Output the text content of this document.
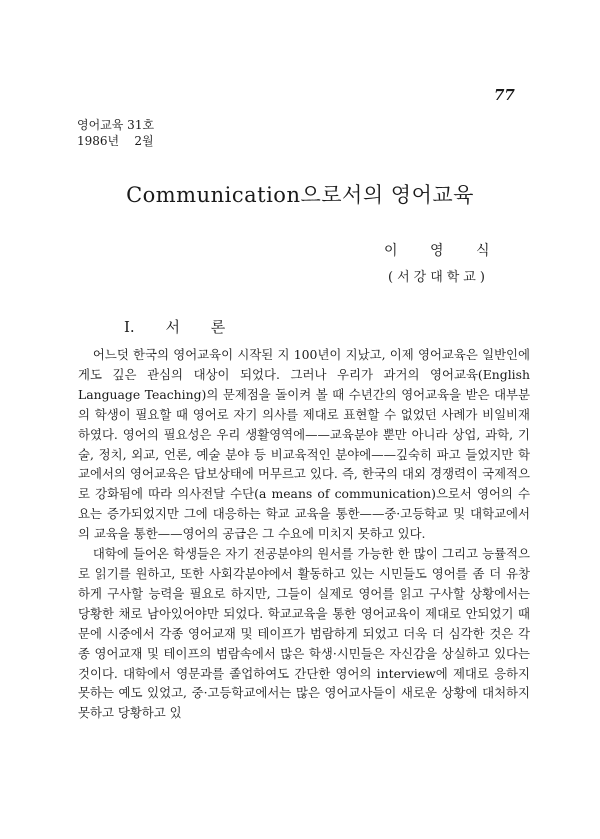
77
영어교육 31호
1986년    2월
Communication으로서의 영어교육
이 영 식
(서강대학교)
I. 서 론

어느덧 한국의 영어교육이 시작된 지 100년이 지났고, 이제 영어교육은 일반인에게도 깊은 관심의 대상이 되었다. 그러나 우리가 과거의 영어교육(English Language Teaching)의 문제점을 돌이켜 볼 때 수년간의 영어교육을 받은 대부분의 학생이 필요할 때 영어로 자기 의사를 제대로 표현할 수 없었던 사례가 비일비재하였다. 영어의 필요성은 우리 생활영역에——교육분야 뿐만 아니라 상업, 과학, 기술, 정치, 외교, 언론, 예술 분야 등 비교육적인 분야에——깊숙히 파고 들었지만 학교에서의 영어교육은 답보상태에 머무르고 있다. 즉, 한국의 대외 경쟁력이 국제적으로 강화됨에 따라 의사전달 수단(a means of communication)으로서 영어의 수요는 증가되었지만 그에 대응하는 학교 교육을 통한——중·고등학교 및 대학교에서의 교육을 통한——영어의 공급은 그 수요에 미치지 못하고 있다.

대학에 들어온 학생들은 자기 전공분야의 원서를 가능한 한 많이 그리고 능률적으로 읽기를 원하고, 또한 사회각분야에서 활동하고 있는 시민들도 영어를 좀 더 유창하게 구사할 능력을 필요로 하지만, 그들이 실제로 영어를 읽고 구사할 상황에서는 당황한 채로 남아있어야만 되었다. 학교교육을 통한 영어교육이 제대로 안되었기 때문에 시중에서 각종 영어교재 및 테이프가 범람하게 되었고 더욱 더 심각한 것은 각종 영어교재 및 테이프의 범람속에서 많은 학생·시민들은 자신감을 상실하고 있다는 것이다. 대학에서 영문과를 졸업하여도 간단한 영어의 interview에 제대로 응하지 못하는 예도 있었고, 중·고등학교에서는 많은 영어교사들이 새로운 상황에 대처하지 못하고 당황하고 있
